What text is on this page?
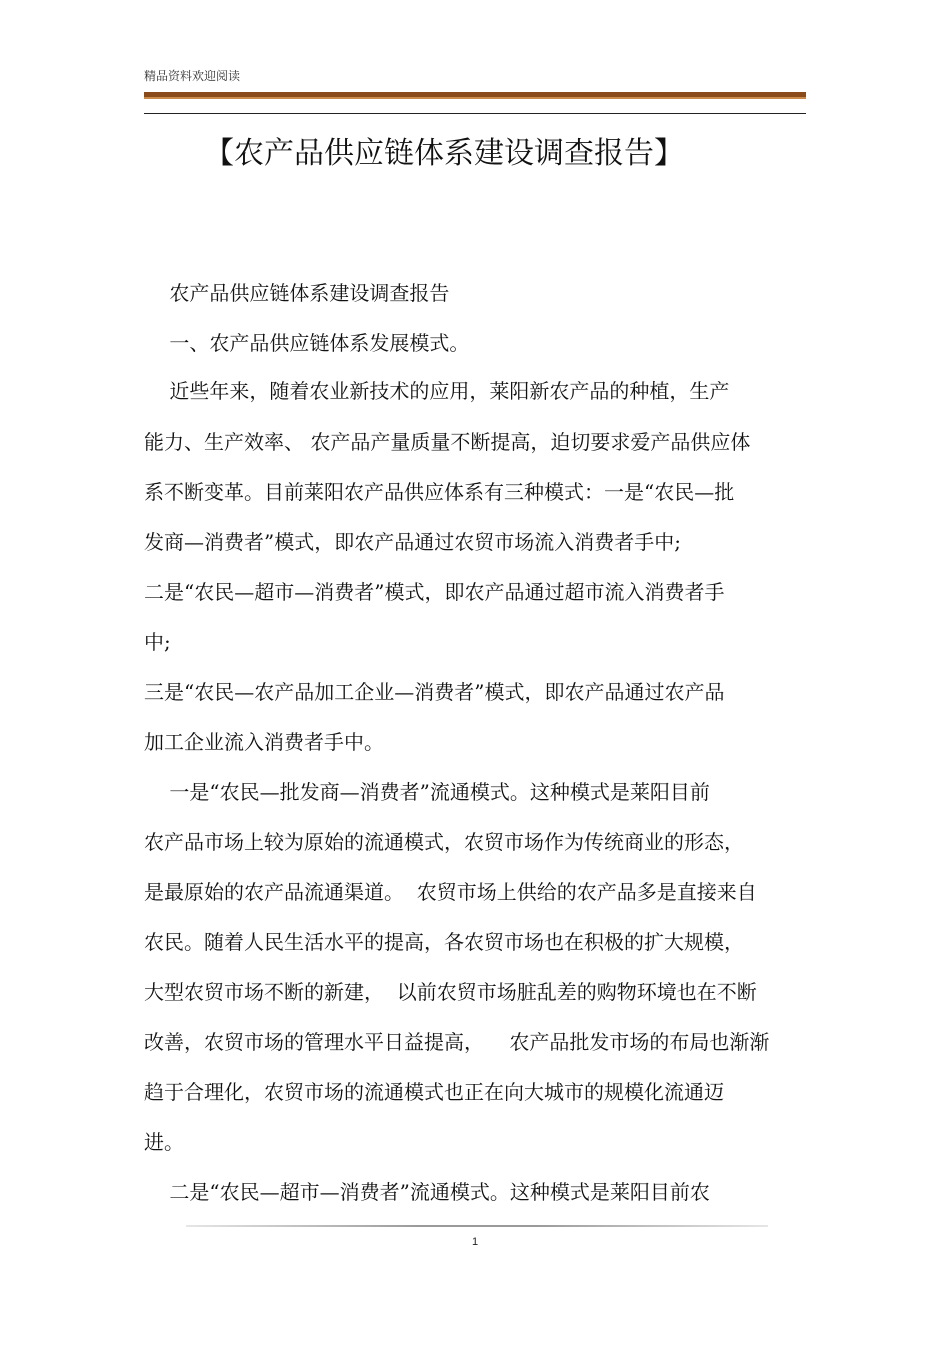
精品资料欢迎阅读
【农产品供应链体系建设调查报告】
农产品供应链体系建设调查报告
一、农产品供应链体系发展模式。
近些年来，随着农业新技术的应用，莱阳新农产品的种植，生产
能力、生产效率、 农产品产量质量不断提高，迫切要求爱产品供应体
系不断变革。目前莱阳农产品供应体系有三种模式：一是“农民—批
发商—消费者”模式，即农产品通过农贸市场流入消费者手中;
二是“农民—超市—消费者”模式，即农产品通过超市流入消费者手
中;
三是“农民—农产品加工企业—消费者”模式，即农产品通过农产品
加工企业流入消费者手中。
一是“农民—批发商—消费者”流通模式。这种模式是莱阳目前
农产品市场上较为原始的流通模式，农贸市场作为传统商业的形态，
是最原始的农产品流通渠道。  农贸市场上供给的农产品多是直接来自
农民。随着人民生活水平的提高，各农贸市场也在积极的扩大规模，
大型农贸市场不断的新建，  以前农贸市场脏乱差的购物环境也在不断
改善，农贸市场的管理水平日益提高，    农产品批发市场的布局也渐渐
趋于合理化，农贸市场的流通模式也正在向大城市的规模化流通迈
进。
二是“农民—超市—消费者”流通模式。这种模式是莱阳目前农
1
